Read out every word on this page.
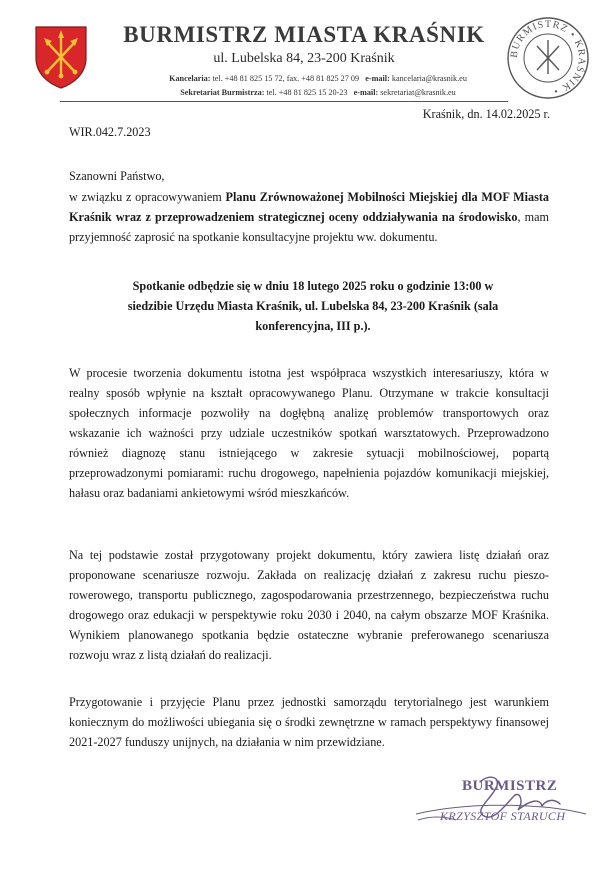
BURMISTRZ MIASTA KRAŚNIK
ul. Lubelska 84, 23-200 Kraśnik
Kancelaria: tel. +48 81 825 15 72, fax. +48 81 825 27 09 e-mail: kancelaria@krasnik.eu
Sekretariat Burmistrza: tel. +48 81 825 15 20-23 e-mail: sekretariat@krasnik.eu
BURMISTRZ • KRAŚNIK •
Kraśnik, dn. 14.02.2025 r.
WIR.042.7.2023
Szanowni Państwo,
w związku z opracowywaniem Planu Zrównoważonej Mobilności Miejskiej dla MOF Miasta Kraśnik wraz z przeprowadzeniem strategicznej oceny oddziaływania na środowisko, mam przyjemność zaprosić na spotkanie konsultacyjne projektu ww. dokumentu.
Spotkanie odbędzie się w dniu 18 lutego 2025 roku o godzinie 13:00 w siedzibie Urzędu Miasta Kraśnik, ul. Lubelska 84, 23-200 Kraśnik (sala konferencyjna, III p.).
W procesie tworzenia dokumentu istotna jest współpraca wszystkich interesariuszy, która w realny sposób wpłynie na kształt opracowywanego Planu. Otrzymane w trakcie konsultacji społecznych informacje pozwoliły na dogłębną analizę problemów transportowych oraz wskazanie ich ważności przy udziale uczestników spotkań warsztatowych. Przeprowadzono również diagnozę stanu istniejącego w zakresie sytuacji mobilnościowej, popartą przeprowadzonymi pomiarami: ruchu drogowego, napełnienia pojazdów komunikacji miejskiej, hałasu oraz badaniami ankietowymi wśród mieszkańców.
Na tej podstawie został przygotowany projekt dokumentu, który zawiera listę działań oraz proponowane scenariusze rozwoju. Zakłada on realizację działań z zakresu ruchu pieszo-rowerowego, transportu publicznego, zagospodarowania przestrzennego, bezpieczeństwa ruchu drogowego oraz edukacji w perspektywie roku 2030 i 2040, na całym obszarze MOF Kraśnika. Wynikiem planowanego spotkania będzie ostateczne wybranie preferowanego scenariusza rozwoju wraz z listą działań do realizacji.
Przygotowanie i przyjęcie Planu przez jednostki samorządu terytorialnego jest warunkiem koniecznym do możliwości ubiegania się o środki zewnętrzne w ramach perspektywy finansowej 2021-2027 funduszy unijnych, na działania w nim przewidziane.
BURMISTRZ
KRZYSZTOF STARUCH
